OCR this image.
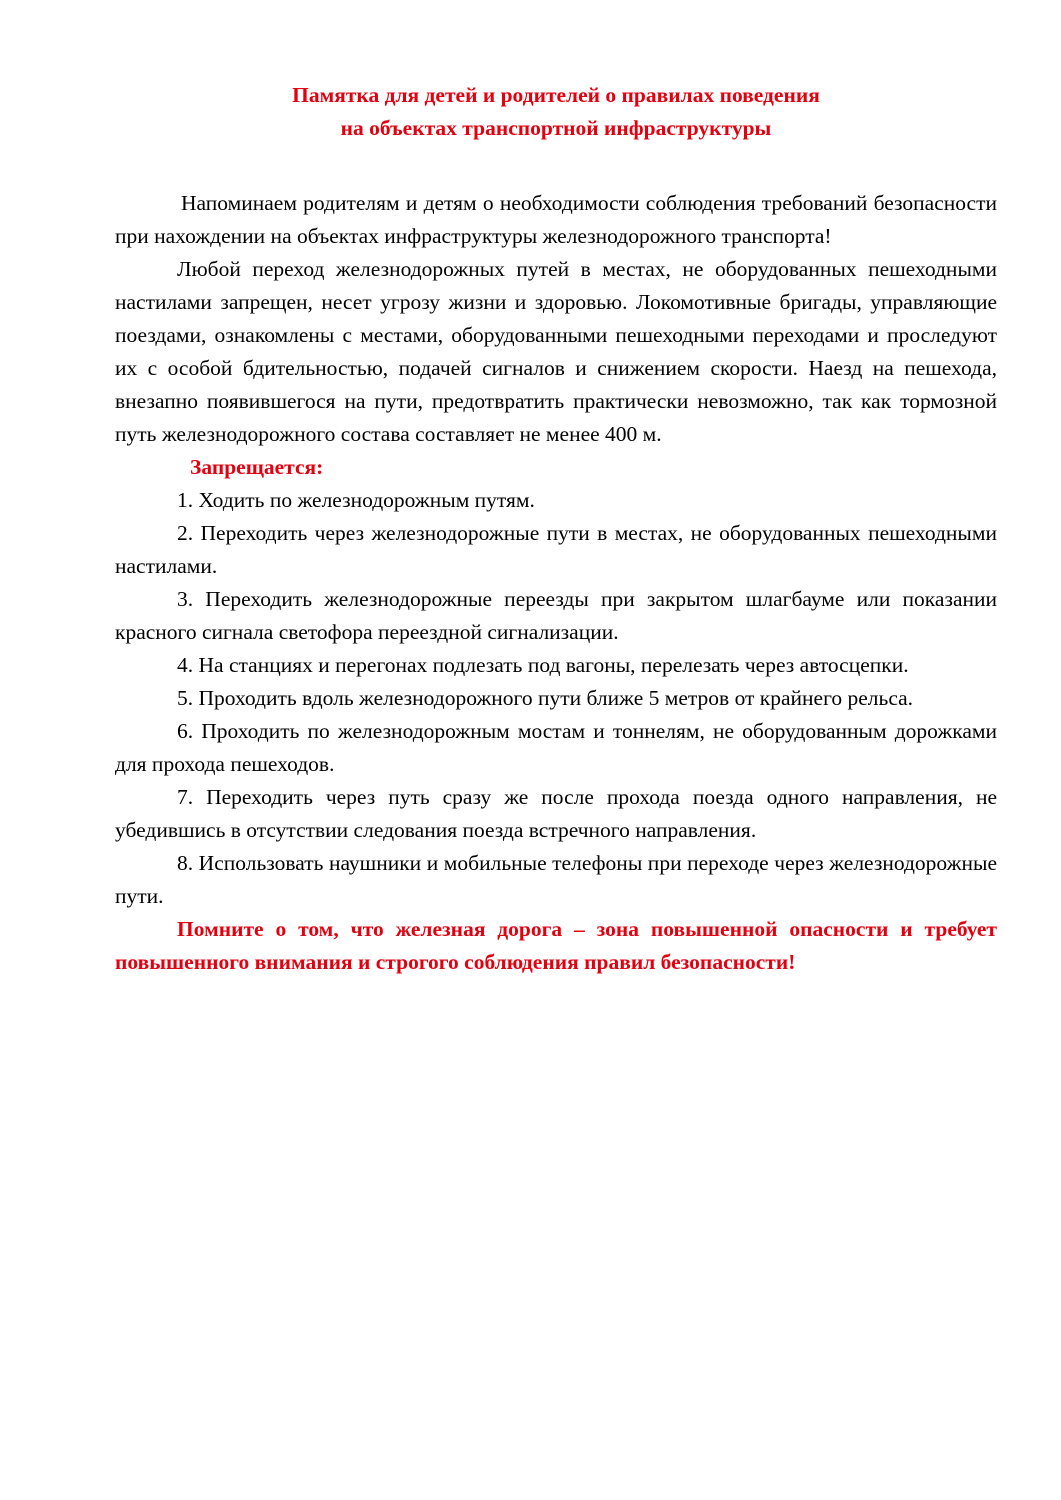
Памятка для детей и родителей о правилах поведения
на объектах транспортной инфраструктуры

Напоминаем родителям и детям о необходимости соблюдения требований безопасности при нахождении на объектах инфраструктуры железнодорожного транспорта!

Любой переход железнодорожных путей в местах, не оборудованных пешеходными настилами запрещен, несет угрозу жизни и здоровью. Локомотивные бригады, управляющие поездами, ознакомлены с местами, оборудованными пешеходными переходами и проследуют их с особой бдительностью, подачей сигналов и снижением скорости. Наезд на пешехода, внезапно появившегося на пути, предотвратить практически невозможно, так как тормозной путь железнодорожного состава составляет не менее 400 м.

Запрещается:

1. Ходить по железнодорожным путям.

2. Переходить через железнодорожные пути в местах, не оборудованных пешеходными настилами.

3. Переходить железнодорожные переезды при закрытом шлагбауме или показании красного сигнала светофора переездной сигнализации.

4. На станциях и перегонах подлезать под вагоны, перелезать через автосцепки.

5. Проходить вдоль железнодорожного пути ближе 5 метров от крайнего рельса.

6. Проходить по железнодорожным мостам и тоннелям, не оборудованным дорожками для прохода пешеходов.

7. Переходить через путь сразу же после прохода поезда одного направления, не убедившись в отсутствии следования поезда встречного направления.

8. Использовать наушники и мобильные телефоны при переходе через железнодорожные пути.

Помните о том, что железная дорога – зона повышенной опасности и требует повышенного внимания и строгого соблюдения правил безопасности!
